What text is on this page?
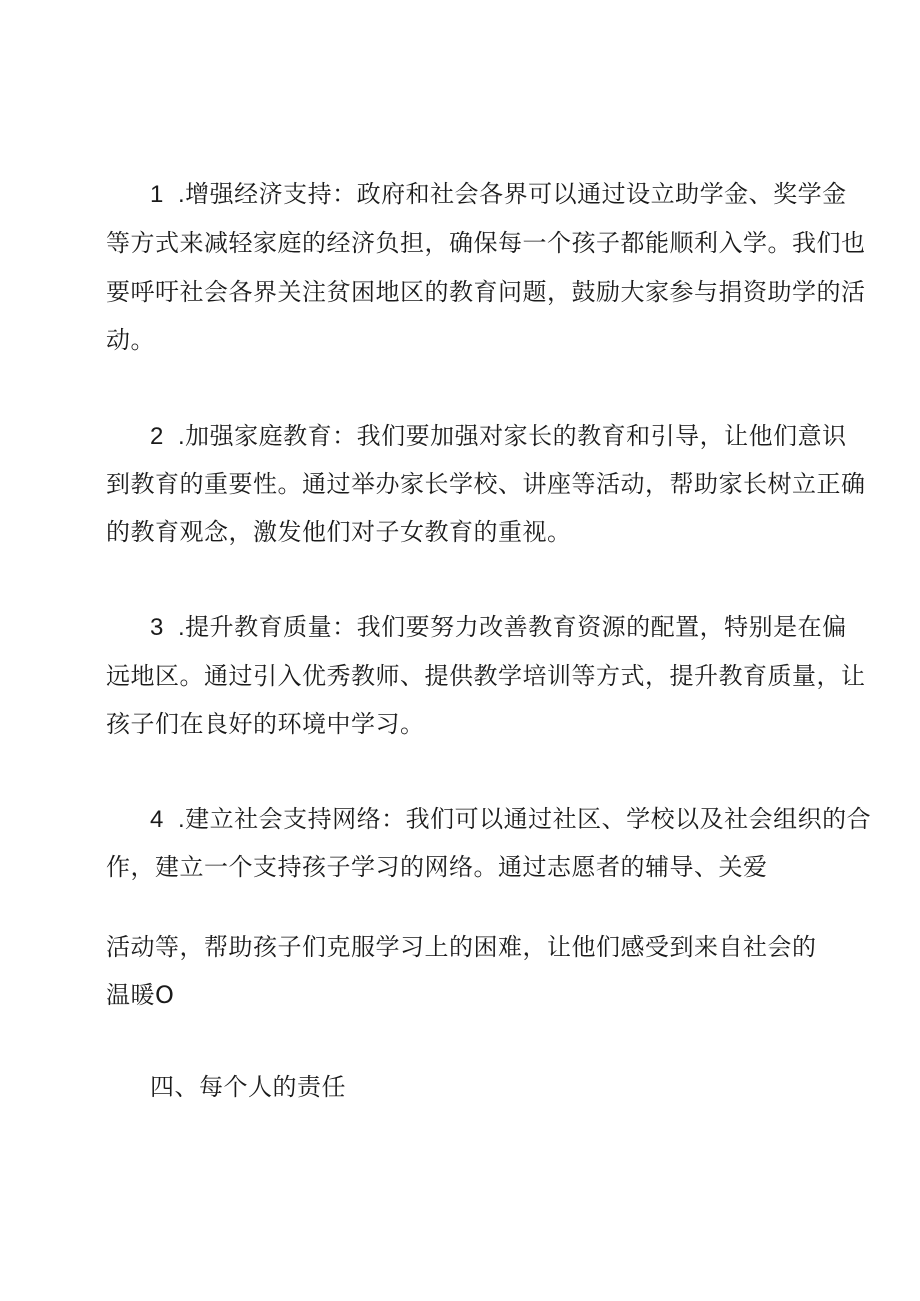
1 .增强经济支持：政府和社会各界可以通过设立助学金、奖学金
等方式来减轻家庭的经济负担，确保每一个孩子都能顺利入学。我们也
要呼吁社会各界关注贫困地区的教育问题，鼓励大家参与捐资助学的活
动。
2 .加强家庭教育：我们要加强对家长的教育和引导，让他们意识
到教育的重要性。通过举办家长学校、讲座等活动，帮助家长树立正确
的教育观念，激发他们对子女教育的重视。
3 .提升教育质量：我们要努力改善教育资源的配置，特别是在偏
远地区。通过引入优秀教师、提供教学培训等方式，提升教育质量，让
孩子们在良好的环境中学习。
4 .建立社会支持网络：我们可以通过社区、学校以及社会组织的合
作，建立一个支持孩子学习的网络。通过志愿者的辅导、关爱
活动等，帮助孩子们克服学习上的困难，让他们感受到来自社会的
温暖O
四、每个人的责任
